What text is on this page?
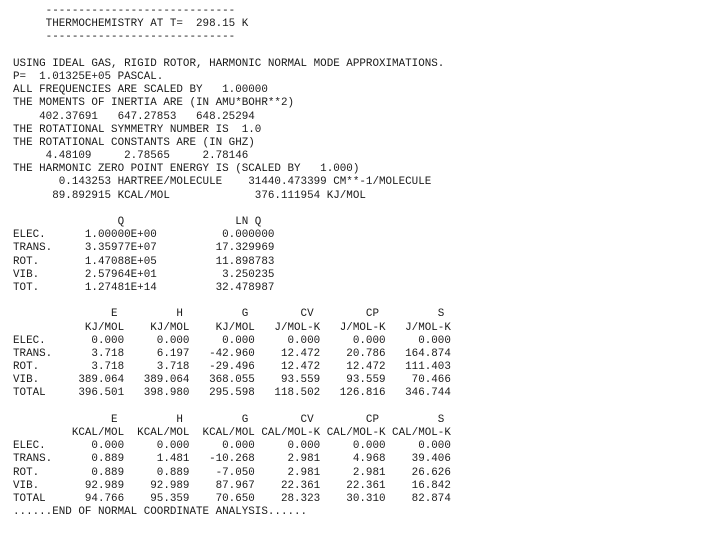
-----------------------------
THERMOCHEMISTRY AT T=  298.15 K
-----------------------------
USING IDEAL GAS, RIGID ROTOR, HARMONIC NORMAL MODE APPROXIMATIONS.
P=  1.01325E+05 PASCAL.
ALL FREQUENCIES ARE SCALED BY   1.00000
THE MOMENTS OF INERTIA ARE (IN AMU*BOHR**2)
402.37691   647.27853   648.25294
THE ROTATIONAL SYMMETRY NUMBER IS  1.0
THE ROTATIONAL CONSTANTS ARE (IN GHZ)
4.48109     2.78565     2.78146
THE HARMONIC ZERO POINT ENERGY IS (SCALED BY   1.000)
0.143253 HARTREE/MOLECULE    31440.473399 CM**-1/MOLECULE
89.892915 KCAL/MOL             376.111954 KJ/MOL
Q                 LN Q
ELEC.      1.00000E+00          0.000000
TRANS.     3.35977E+07         17.329969
ROT.       1.47088E+05         11.898783
VIB.       2.57964E+01          3.250235
TOT.       1.27481E+14         32.478987
E         H         G        CV        CP         S
KJ/MOL    KJ/MOL    KJ/MOL   J/MOL-K   J/MOL-K   J/MOL-K
ELEC.       0.000     0.000     0.000     0.000     0.000     0.000
TRANS.      3.718     6.197   -42.960    12.472    20.786   164.874
ROT.        3.718     3.718   -29.496    12.472    12.472   111.403
VIB.      389.064   389.064   368.055    93.559    93.559    70.466
TOTAL     396.501   398.980   295.598   118.502   126.816   346.744
E         H         G        CV        CP         S
KCAL/MOL  KCAL/MOL  KCAL/MOL CAL/MOL-K CAL/MOL-K CAL/MOL-K
ELEC.       0.000     0.000     0.000     0.000     0.000     0.000
TRANS.      0.889     1.481   -10.268     2.981     4.968    39.406
ROT.        0.889     0.889    -7.050     2.981     2.981    26.626
VIB.       92.989    92.989    87.967    22.361    22.361    16.842
TOTAL      94.766    95.359    70.650    28.323    30.310    82.874
......END OF NORMAL COORDINATE ANALYSIS......
